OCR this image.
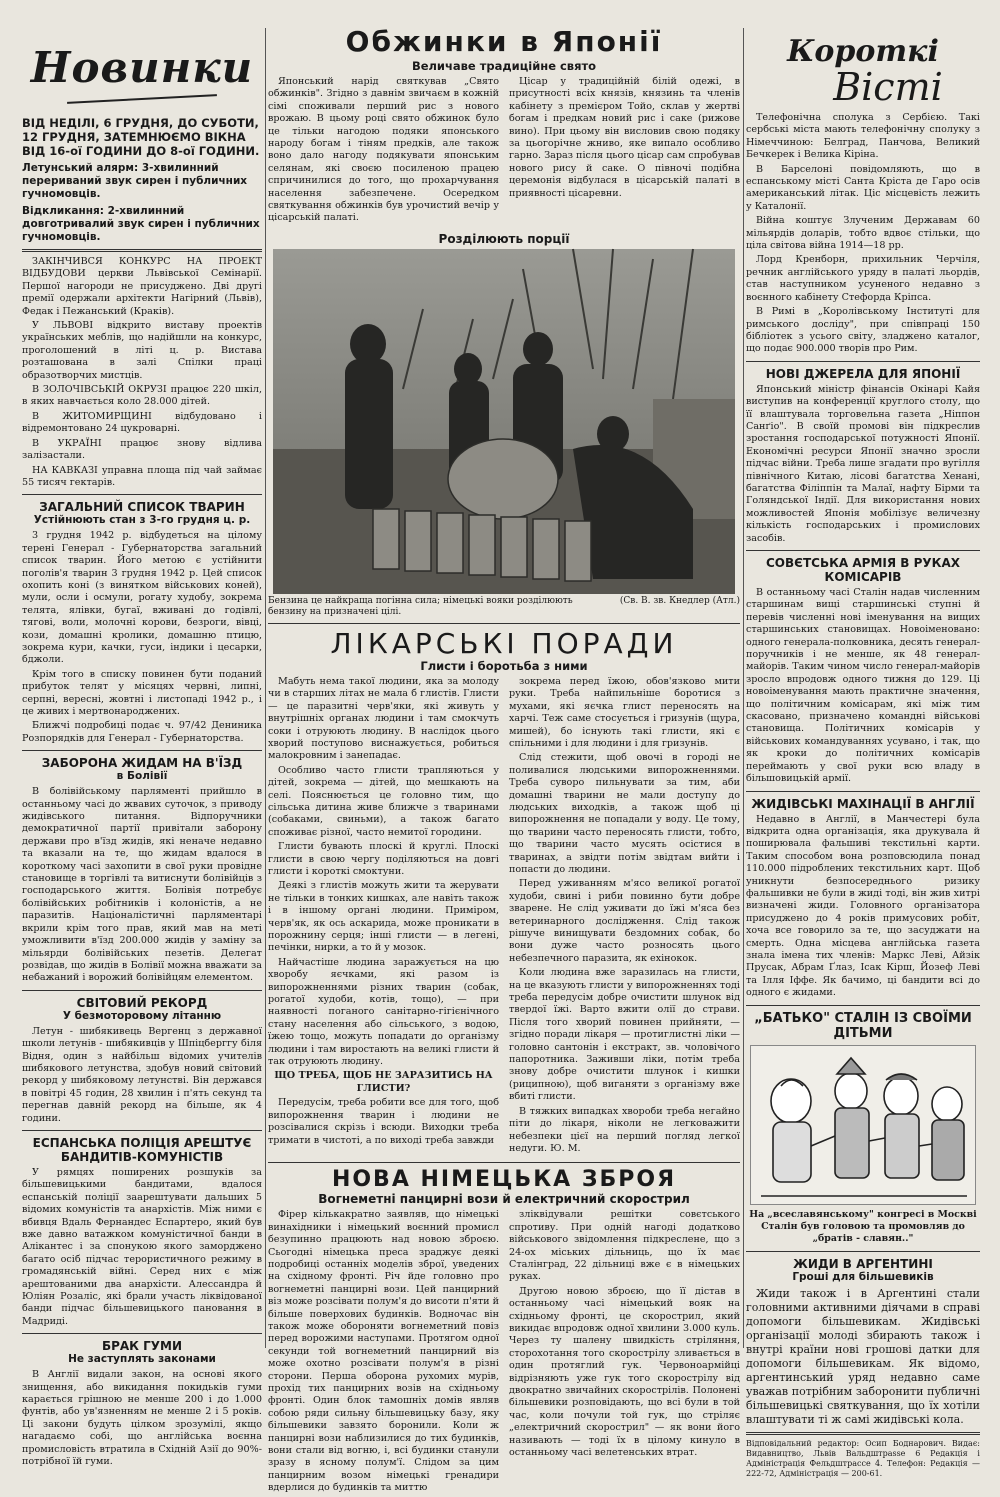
Новинки

ВІД НЕДІЛІ, 6 ГРУДНЯ, ДО СУБОТИ, 12 ГРУДНЯ, ЗАТЕМНЮЄМО ВІКНА ВІД 16-ої ГОДИНИ ДО 8-ої ГОДИНИ.

Летунський алярм: 3-хвилинний переривaний звук сирен і публичних гучномовців.

Відкликання: 2-хвилинний довготривалий звук сирен і публичних гучномовців.

ЗАКІНЧИВСЯ КОНКУРС НА ПРОЕКТ ВІДБУДОВИ церкви Львівської Семінарії. Першої нагороди не присуджено. Дві другі премії одержали архітекти Нагірний (Львів), Федак і Пежанський (Краків).

У ЛЬВОВІ відкрито виставу проектів українських меблів, що надійшли на конкурс, проголошений в літі ц. р. Вистава розташована в залі Спілки праці образотворчих мистців.

В ЗОЛОЧІВСЬКІЙ ОКРУЗІ працює 220 шкіл, в яких навчається коло 28.000 дітей.

В ЖИТОМИРЩИНІ відбудовано і відремонтовано 24 цукроварні.

В УКРАЇНІ працює знову відлива залізастали.

НА КАВКАЗІ управна площа під чай займає 55 тисяч гектарів.

ЗАГАЛЬНИЙ СПИСОК ТВАРИН
Устійнюють стан з 3-го грудня ц. р.

3 грудня 1942 р. відбудеться на цілому терені Генерал - Губернаторства загальний список тварин. Його метою є устійнити поголів'я тварин 3 грудня 1942 р. Цей список охопить коні (з винятком військових коней), мули, осли і осмули, рогату худобу, зокрема телята, ялівки, бугаї, вживані до годівлі, тягові, воли, молочні корови, безроги, вівці, кози, домашні кролики, домашню птицю, зокрема кури, качки, гуси, індики і цесарки, бджоли.

Крім того в списку повинен бути поданий прибуток телят у місяцях червні, липні, серпні, вересні, жовтні і листопаді 1942 р., і це живих і мертвонароджених.

Ближчі подробиці подає ч. 97/42 Дениника Розпорядків для Генерал - Губернаторства.

ЗАБОРОНА ЖИДАМ НА В'ЇЗД
в Болівії

В болівійському парляменті прийшло в останньому часі до жвавих суточок, з приводу жидівського питання. Відпоручники демократичної партії привітали заборону держави про в'їзд жидів, які неначе недавно та вказали на те, що жидам вдалося в короткому часі захопити в свої руки провідне становище в торгівлі та витиснути болівійців з господарського життя. Болівія потребує болівійських робітників і колоністів, а не паразитів. Націоналістичні парляментарі вкрили крім того прав, який мав на меті уможливити в'їзд 200.000 жидів у заміну за мільярди болівійських пезетів. Делегат розвідав, що жидів в Болівії можна вважати за небажаний і ворожий болівійцям елементом.

СВІТОВИЙ РЕКОРД
У безмоторовому літанню

Летун - шибякивець Вергенц з державної школи летунів - шибякивців у Шпіцберггу біля Відня, один з найбільш відомих учителів шибякового летунства, здобув новий світовий рекорд у шибяковому летунстві. Він держався в повітрі 45 годин, 28 хвилин і п'ять секунд та перегнав давній рекорд на більше, як 4 години.

ЕСПАНСЬКА ПОЛІЦІЯ АРЕШТУЄ БАНДИТІВ-КОМУНІСТІВ

У рямцях поширених розшуків за більшевицькими бандитами, вдалося еспанській поліції заарештувати дальших 5 відомих комуністів та анархістів. Між ними є вбивця Вдаль Фернандес Еспартеро, який був вже давно ватажком комуністичної банди в Алікантес і за спонукою якого заморджено багато осіб підчас терористичного режиму в громадянській війні. Серед них є між арештованими два анархісти. Алессандра й Юліян Розаліс, які брали участь ліквідованої банди підчас більшевицького пановання в Мадриді.

БРАК ГУМИ
Не заступлять законами

В Англії видали закон, на основі якого знищення, або викидання покидьків гуми карається грішною не менше 200 і до 1.000 фунтів, або ув'язненням не менше 2 і 5 років. Ці закони будуть цілком зрозумілі, якщо нагадаємо собі, що англійська воєнна промисловість втратила в Східній Азії до 90%-потрібної їй гуми.

Обжинки в Японії
Величаве традиційне свято

Японський нарід святкував „Свято обжинків". Згідно з давнім звичаєм в кожній сімі споживали перший рис з нового врожаю. В цьому році свято обжинок було це тільки нагодою подяки японського народу богам і тіням предків, але також воно дало нагоду подякувати японським селянам, які своєю посиленою працею спричинилися до того, що прохарчування населення забезпечене. Осередком святкування обжинків був урочистий вечір у цісарській палаті.

Цісар у традиційній білій одежі, в присутності всіх князів, князинь та членів кабінету з премієром Тойо, склав у жертві богам і предкам новий рис і саке (рижове вино). При цьому він висловив свою подяку за цьогорічне жниво, яке випало особливо гарно. Зараз після цього цісар сам спробував нового рису й саке. О півночі подібна церемонія відбулася в цісарській палаті в приявності цісаревни.

Розділюють порції
Бензина це найкраща погінна сила; німецькі вояки розділюють бензину на призначені цілі.
(Св. В. зв. Кнедлер (Атл.)
ЛІКАРСЬКІ ПОРАДИ
Глисти і боротьба з ними

Мабуть нема такої людини, яка за молоду чи в старших літах не мала б глистів. Глисти — це паразитні черв'яки, які живуть у внутрішніх органах людини і там смокчуть соки і отруюють людину. В наслідок цього хворий поступово виснажується, робиться малокровним і занепадає.

Особливо часто глисти трапляються у дітей, зокрема — дітей, що мешкають на селі. Пояснюється це головно тим, що сільська дитина живе ближче з тваринами (собаками, свиньми), а також багато споживає різної, часто немитої городини.

Глисти бувають плоскі й круглі. Плоскі глисти в свою чергу поділяються на довгі глисти і короткі смоктуни.

Деякі з глистів можуть жити та жерувати не тільки в тонких кишках, але навіть також і в іншому органі людини. Приміром, черв'як, як ось аскарида, може проникати в порожнину серця; інші глисти — в легені, печінки, нирки, а то й у мозок.

Найчастіше людина заражується на цю хворобу яєчками, які разом із випорожненнями різних тварин (собак, рогатої худоби, котів, тощо), — при наявності поганого санітарно-гігієнічного стану населення або сільського, з водою, їжею тощо, можуть попадати до організму людини і там виростають на великі глисти й так отруюють людину.

ЩО ТРЕБА, ЩОБ НЕ ЗАРАЗИТИСЬ НА ГЛИСТИ?

Передусім, треба робити все для того, щоб випорожнення тварин і людини не розсівалися скрізь і всюди. Виходки треба тримати в чистоті, а по виході треба завжди

зокрема перед їжою, обов'язково мити руки. Треба найпильніше боротися з мухами, які яєчка глист переносять на харчі. Теж саме стосується і гризунів (щура, мишей), бо існують такі глисти, які є спільними і для людини і для гризунів.

Слід стежити, щоб овочі в городі не поливалися людськими випорожненнями. Треба суворо пильнувати за тим, аби домашні тварини не мали доступу до людських виходків, а також щоб ці випорожнення не попадали у воду. Це тому, що тварини часто переносять глисти, тобто, що тварини часто мусять осістися в тваринах, а звідти потім звідтам вийти і попасти до людини.

Перед уживанням м'ясо великої рогатої худоби, свині і риби повинно бути добре зварене. Не слід уживати до їжі м'яса без ветеринарного дослідження. Слід також рішуче винищувати бездомних собак, бо вони дуже часто розносять цього небезпечного паразита, як ехінокок.

Коли людина вже заразилась на глисти, на це вказують глисти у випорожненнях тоді треба передусім добре очистити шлунок від твердої їжі. Варто вжити олії до страви. Після того хворий повинен прийняти, — згідно поради лікаря — протиглистні ліки — головно сантонін і екстракт, зв. чоловічого папоротника. Заживши ліки, потім треба знову добре очистити шлунок і кишки (риципною), щоб виганяти з організму вже вбиті глисти.

В тяжких випадках хвороби треба негайно піти до лікаря, ніколи не легковажити небезпеки цієї на перший погляд легкої недуги. Ю. М.

НОВА НІМЕЦЬКА ЗБРОЯ
Вогнеметні панцирні вози й електричний скорострил

Фірер кількакратно заявляв, що німецькі винахідники і німецький воєнний промисл безупинно працюють над новою зброєю. Сьогодні німецька преса зраджує деякі подробиці останніх моделів зброї, уведених на східному фронті. Річ йде головно про вогнеметні панцирні вози. Цей панцирний віз може розсівати полум'я до висоти п'яти й більше поверхових будинків. Водночас він також може обороняти вогнеметний повіз перед ворожими наступами. Протягом одної секунди той вогнеметний панцирний віз може охотно розсівати полум'я в різні сторони. Перша оборона рухомих мурів, прохід тих панцирних возів на східньому фронті. Один блок тамошніх домів являв собою ряди сильну більшевицьку базу, яку більшевики завзято боронили. Коли ж панцирні вози наблизилися до тих будинків, вони стали від вогню, і, всі будинки станули зразу в ясному полум'ї. Слідом за цим панцирним возом німецькі гренадири вдерлися до будинків та миттю

зліквідували решітки совєтського спротиву. При одній нагоді додатково військового звідомлення підкреслене, що з 24-ох міських дільниць, що їх має Сталінград, 22 дільниці вже є в німецьких руках.

Другою новою зброєю, що її дістав в останньому часі німецький вояк на східньому фронті, це скорострил, який викидає впродовж одної хвилини 3.000 куль. Через ту шалену швидкість стріляння, сторохотання того скорострілу зливається в один протяглий гук. Червоноармійці відрізняють уже гук того скорострілу від двократно звичайних скорострілів. Полонені більшевики розповідають, що всі були в той час, коли почули той гук, що стріляє „електричний скорострил" — як вони його називають — тоді їх в цілому кинуло в останньому часі велетенських втрат.

Короткі
Вісті

Телефонічна сполука з Сербією. Такі сербські міста мають телефонічну сполуку з Німеччиною: Белград, Панчова, Великий Бечкерек і Велика Кіріна.

В Барселоні повідомляють, що в еспанському місті Санта Кріста де Гаро осів американський літак. Ціс місцевість лежить у Каталонії.

Війна коштує Злученим Державам 60 мільярдів доларів, тобто вдвоє стільки, що ціла світова війна 1914—18 рр.

Лорд Кренборн, прихильник Черчіля, речник англійського уряду в палаті льордів, став наступником усуненого недавно з воєнного кабінету Стефорда Кріпса.

В Римі в „Королівському Інституті для римського досліду", при співпраці 150 бібліотек з усього світу, зладжено каталог, що подає 900.000 творів про Рим.

НОВІ ДЖЕРЕЛА ДЛЯ ЯПОНІЇ

Японський міністр фінансів Окінарі Кайя виступив на конференції круглого столу, що її влаштувала торговельна газета „Ніппон Санґіо". В своїй промові він підкреслив зростання господарської потужності Японії. Економічні ресурси Японії значно зросли підчас війни. Треба лише згадати про вугілля північного Китаю, лісові багатства Хенані, багатства Філіппін та Малаї, нафту Бірми та Голяндської Індії. Для використання нових можливостей Японія мобілізує величезну кількість господарських і промислових засобів.

СОВЄТСЬКА АРМІЯ В РУКАХ КОМІСАРІВ

В останньому часі Сталін надав численним старшинам вищі старшинські ступні й перевів численні нові іменування на вищих старшинських становищах. Новоіменовано: одного генерала-полковника, десять генерал-поручників і не менше, як 48 генерал-майорів. Таким чином число генерал-майорів зросло впродовж одного тижня до 129. Ці новоіменування мають практичне значення, що політичним комісарам, які між тим скасовано, призначено командні військові становища. Політичних комісарів у військових командуваннях усувано, і так, що як кроки до політичних комісарів переймають у свої руки всю владу в більшовицькій армії.

ЖИДІВСЬКІ МАХІНАЦІЇ В АНГЛІЇ

Недавно в Англії, в Манчестері була відкрита одна організація, яка друкувала й поширювала фальшиві текстильні карти. Таким способом вона розповсюдила понад 110.000 підроблених текстильних карт. Щоб уникнути безпосереднього ризику фальшивки не були в жиді тоді, він жив хитрі визначені жиди. Головного організатора присуджено до 4 років примусових робіт, хоча все говорило за те, що засуджати на смерть. Одна місцева англійська газета знала імена тих членів: Маркс Леві, Айзік Прусак, Абрам Ґлаз, Ісак Кірш, Йозеф Леві та Ілля Іффе. Як бачимо, ці бандити всі до одного є жидами.

„БАТЬКО" СТАЛІН ІЗ СВОЇМИ ДІТЬМИ

На „всеславянському" конгресі в Москві Сталін був головою та промовляв до „братів - славян.."

ЖИДИ В АРГЕНТИНІ
Гроші для більшевиків

Жиди також і в Аргентині стали головними активними діячами в справі допомоги більшевикам. Жидівські організації молоді збирають також і внутрі країни нові грошові датки для допомоги більшевикам. Як відомо, аргентинський уряд недавно саме уважав потрібним заборонити публичні більшевицькі святкування, що їх хотіли влаштувати ті ж самі жидівські кола.

Відповідальний редактор: Осип Боднарович. Видає: Видавництво, Львів Вальдштраssе 6 Редакція і Адміністрація Фельдштрассе 4. Телефон: Редакція — 222-72, Адміністрація — 200-61.
